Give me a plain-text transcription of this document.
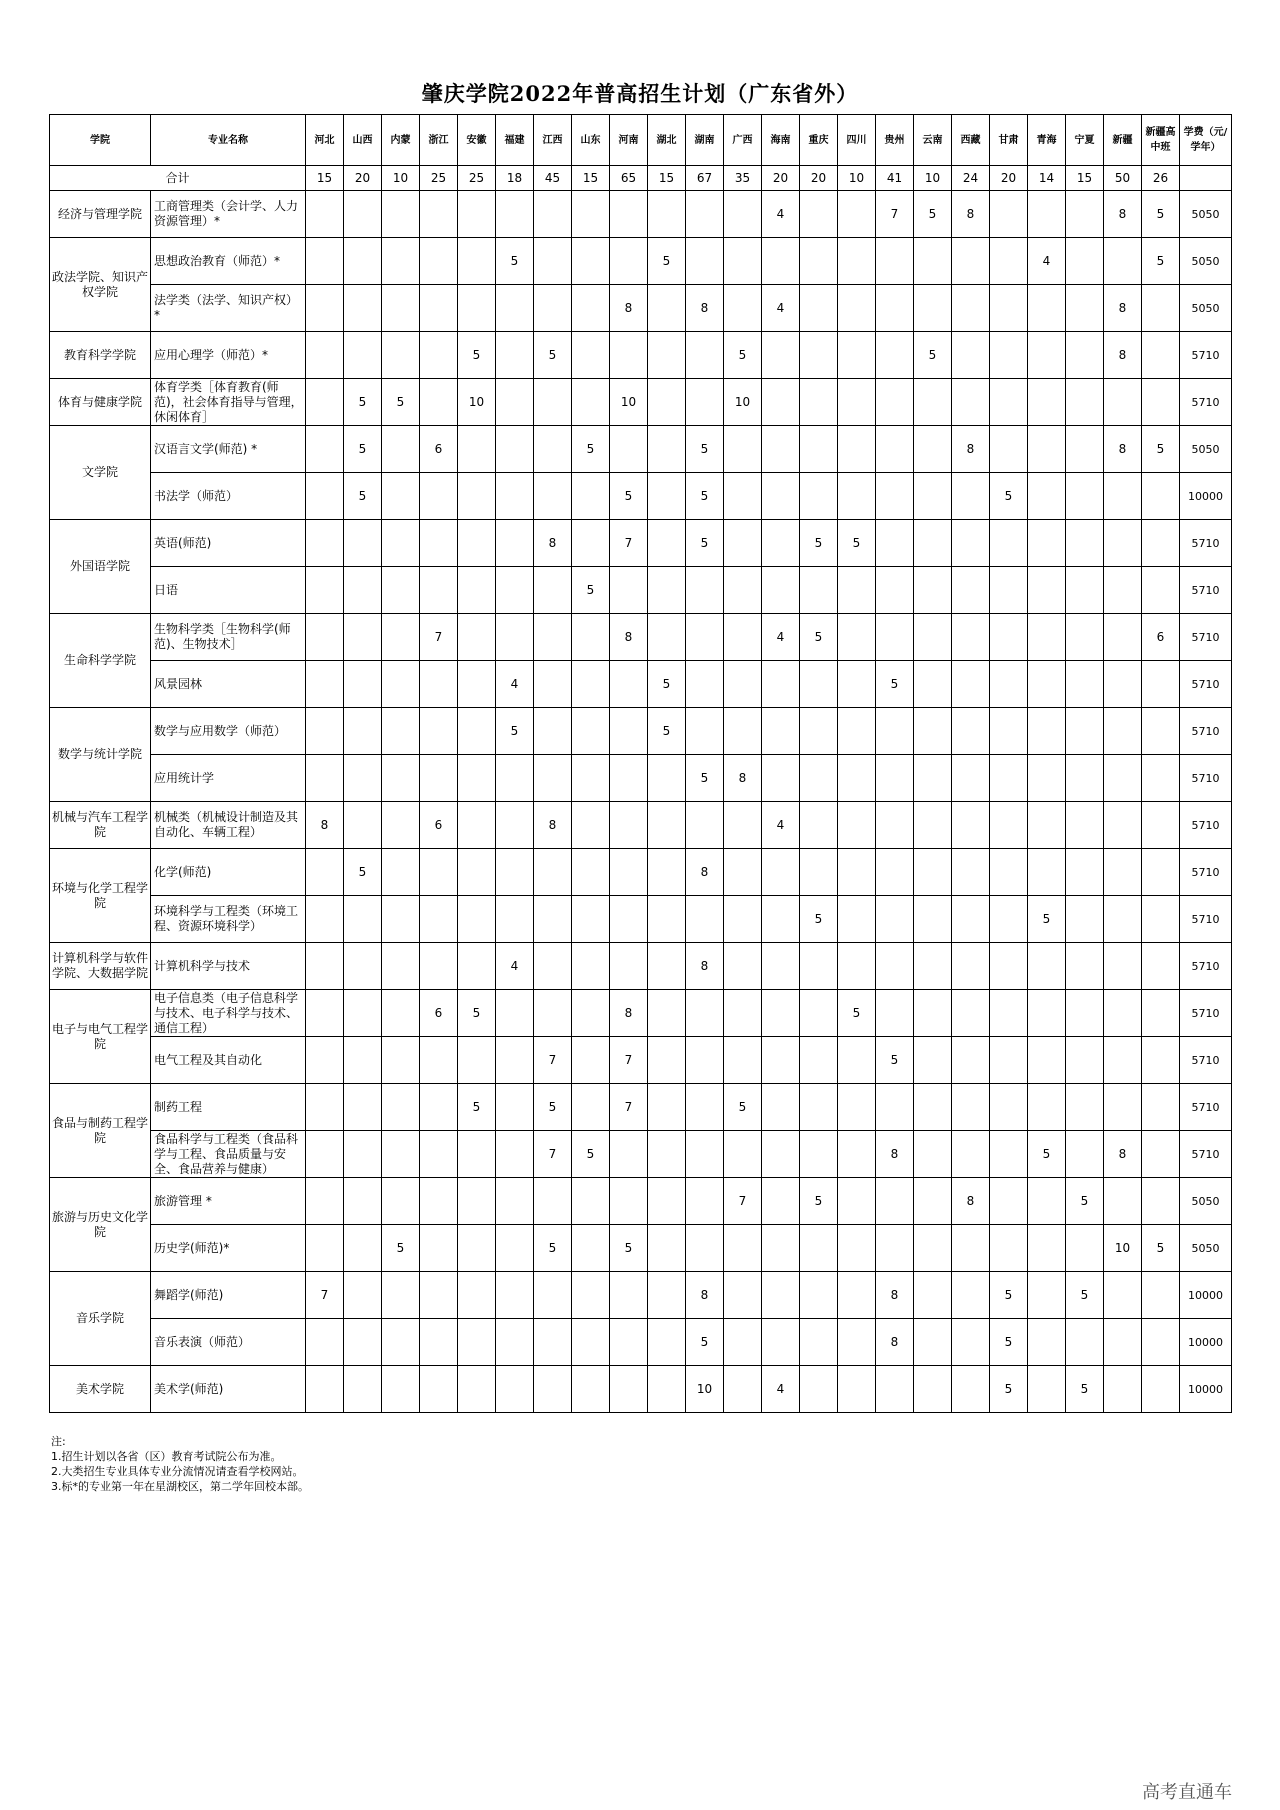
肇庆学院2022年普高招生计划（广东省外）
学院	专业名称	河北	山西	内蒙	浙江	安徽	福建	江西	山东	河南	湖北	湖南	广西	海南	重庆	四川	贵州	云南	西藏	甘肃	青海	宁夏	新疆	新疆高中班	学费（元/学年）
合计		15	20	10	25	25	18	45	15	65	15	67	35	20	20	10	41	10	24	20	14	15	50	26	
经济与管理学院	工商管理类（会计学、人力资源管理）*													4			7	5	8				8	5	5050
政法学院、知识产权学院	思想政治教育（师范）*						5				5										4			5	5050
	法学类（法学、知识产权）*									8		8		4									8		5050
教育科学学院	应用心理学（师范）*					5		5					5					5					8		5710
体育与健康学院	体育学类［体育教育(师范)，社会体育指导与管理，休闲体育］		5	5		10				10			10												5710
文学院	汉语言文学(师范) *		5		6				5			5							8				8	5	5050
	书法学（师范）		5							5		5								5					10000
外国语学院	英语(师范)							8		7		5			5	5									5710
	日语								5																5710
生命科学学院	生物科学类［生物科学(师范)、生物技术］				7					8				4	5									6	5710
	风景园林						4				5						5								5710
数学与统计学院	数学与应用数学（师范）						5				5														5710
	应用统计学											5	8												5710
机械与汽车工程学院	机械类（机械设计制造及其自动化、车辆工程）	8			6			8						4											5710
环境与化学工程学院	化学(师范)		5									8													5710
	环境科学与工程类（环境工程、资源环境科学）														5						5				5710
计算机科学与软件学院、大数据学院	计算机科学与技术						4					8													5710
电子与电气工程学院	电子信息类（电子信息科学与技术、电子科学与技术、通信工程）				6	5				8						5									5710
	电气工程及其自动化							7		7							5								5710
食品与制药工程学院	制药工程					5		5		7			5												5710
	食品科学与工程类（食品科学与工程、食品质量与安全、食品营养与健康）							7	5								8				5		8		5710
旅游与历史文化学院	旅游管理 *												7		5				8			5			5050
	历史学(师范)*			5				5		5													10	5	5050
音乐学院	舞蹈学(师范)	7										8					8			5		5			10000
	音乐表演（师范）											5					8			5					10000
美术学院	美术学(师范)											10		4						5		5			10000
注:
1.招生计划以各省（区）教育考试院公布为准。
2.大类招生专业具体专业分流情况请查看学校网站。
3.标*的专业第一年在星湖校区，第二学年回校本部。
高考直通车
